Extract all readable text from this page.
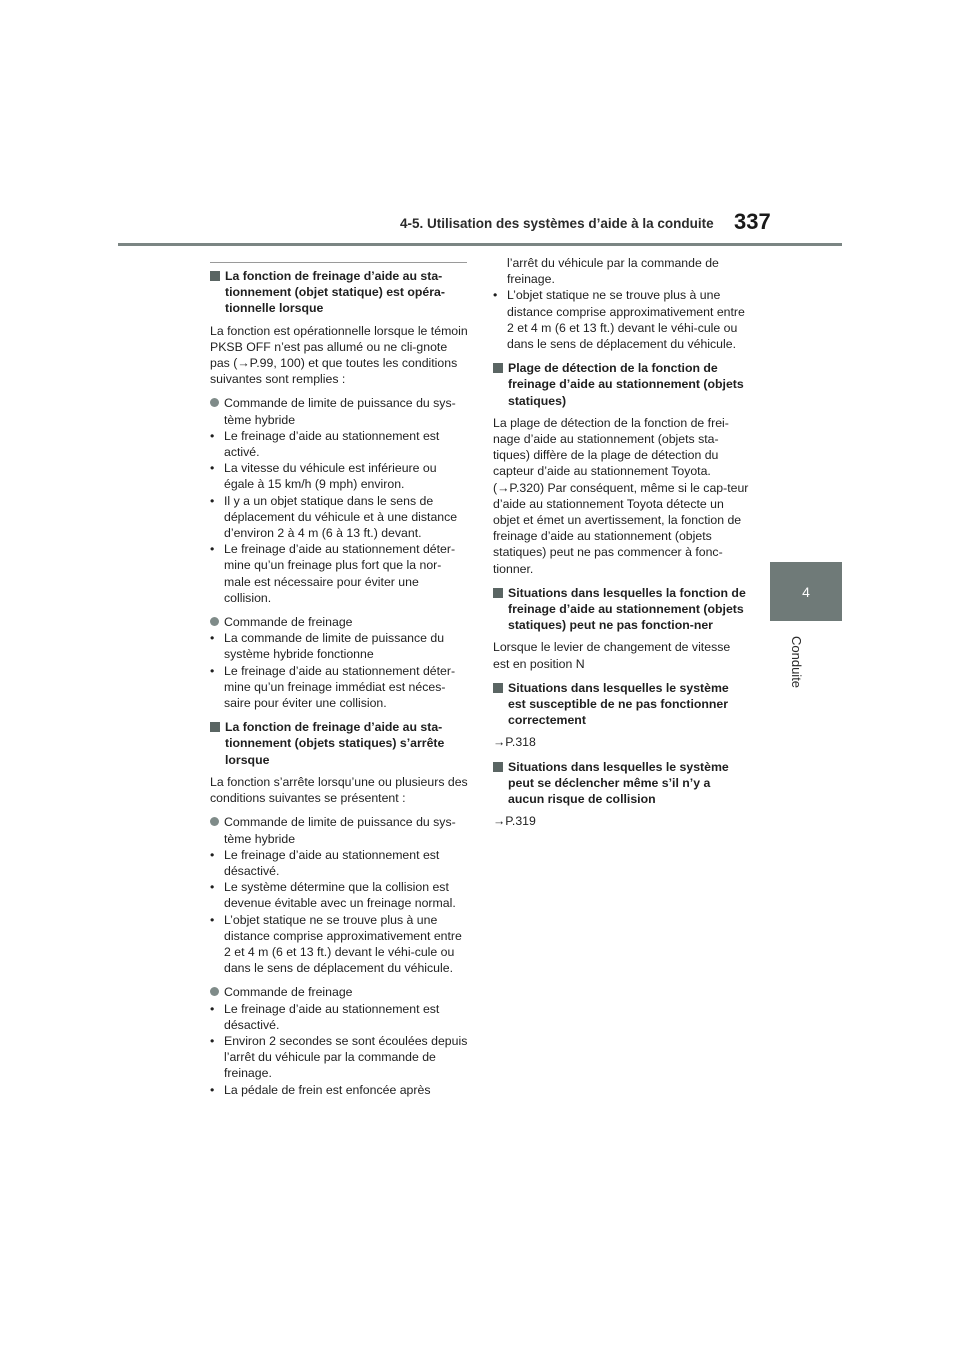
4-5. Utilisation des systèmes d’aide à la conduite 337
4
Conduite
La fonction de freinage d’aide au sta-tionnement (objet statique) est opéra-tionnelle lorsque

La fonction est opérationnelle lorsque le témoin PKSB OFF n’est pas allumé ou ne cli-gnote pas (→P.99, 100) et que toutes les conditions suivantes sont remplies :

Commande de limite de puissance du sys-tème hybride
• Le freinage d’aide au stationnement est activé.
• La vitesse du véhicule est inférieure ou égale à 15 km/h (9 mph) environ.
• Il y a un objet statique dans le sens de déplacement du véhicule et à une distance d’environ 2 à 4 m (6 à 13 ft.) devant.
• Le freinage d’aide au stationnement déter-mine qu’un freinage plus fort que la nor-male est nécessaire pour éviter une collision.
Commande de freinage
• La commande de limite de puissance du système hybride fonctionne
• Le freinage d’aide au stationnement déter-mine qu’un freinage immédiat est néces-saire pour éviter une collision.
La fonction de freinage d’aide au sta-tionnement (objets statiques) s’arrête lorsque

La fonction s’arrête lorsqu’une ou plusieurs des conditions suivantes se présentent :

Commande de limite de puissance du sys-tème hybride
• Le freinage d’aide au stationnement est désactivé.
• Le système détermine que la collision est devenue évitable avec un freinage normal.
• L’objet statique ne se trouve plus à une distance comprise approximativement entre 2 et 4 m (6 et 13 ft.) devant le véhi-cule ou dans le sens de déplacement du véhicule.
Commande de freinage
• Le freinage d’aide au stationnement est désactivé.
• Environ 2 secondes se sont écoulées depuis l’arrêt du véhicule par la commande de freinage.
• La pédale de frein est enfoncée après
l’arrêt du véhicule par la commande de freinage.
• L’objet statique ne se trouve plus à une distance comprise approximativement entre 2 et 4 m (6 et 13 ft.) devant le véhi-cule ou dans le sens de déplacement du véhicule.
Plage de détection de la fonction de freinage d’aide au stationnement (objets statiques)

La plage de détection de la fonction de frei-nage d’aide au stationnement (objets sta-tiques) diffère de la plage de détection du capteur d’aide au stationnement Toyota. (→P.320) Par conséquent, même si le cap-teur d’aide au stationnement Toyota détecte un objet et émet un avertissement, la fonction de freinage d’aide au stationnement (objets statiques) peut ne pas commencer à fonc-tionner.

Situations dans lesquelles la fonction de freinage d’aide au stationnement (objets statiques) peut ne pas fonction-ner

Lorsque le levier de changement de vitesse est en position N

Situations dans lesquelles le système est susceptible de ne pas fonctionner correctement

→P.318

Situations dans lesquelles le système peut se déclencher même s’il n’y a aucun risque de collision

→P.319
